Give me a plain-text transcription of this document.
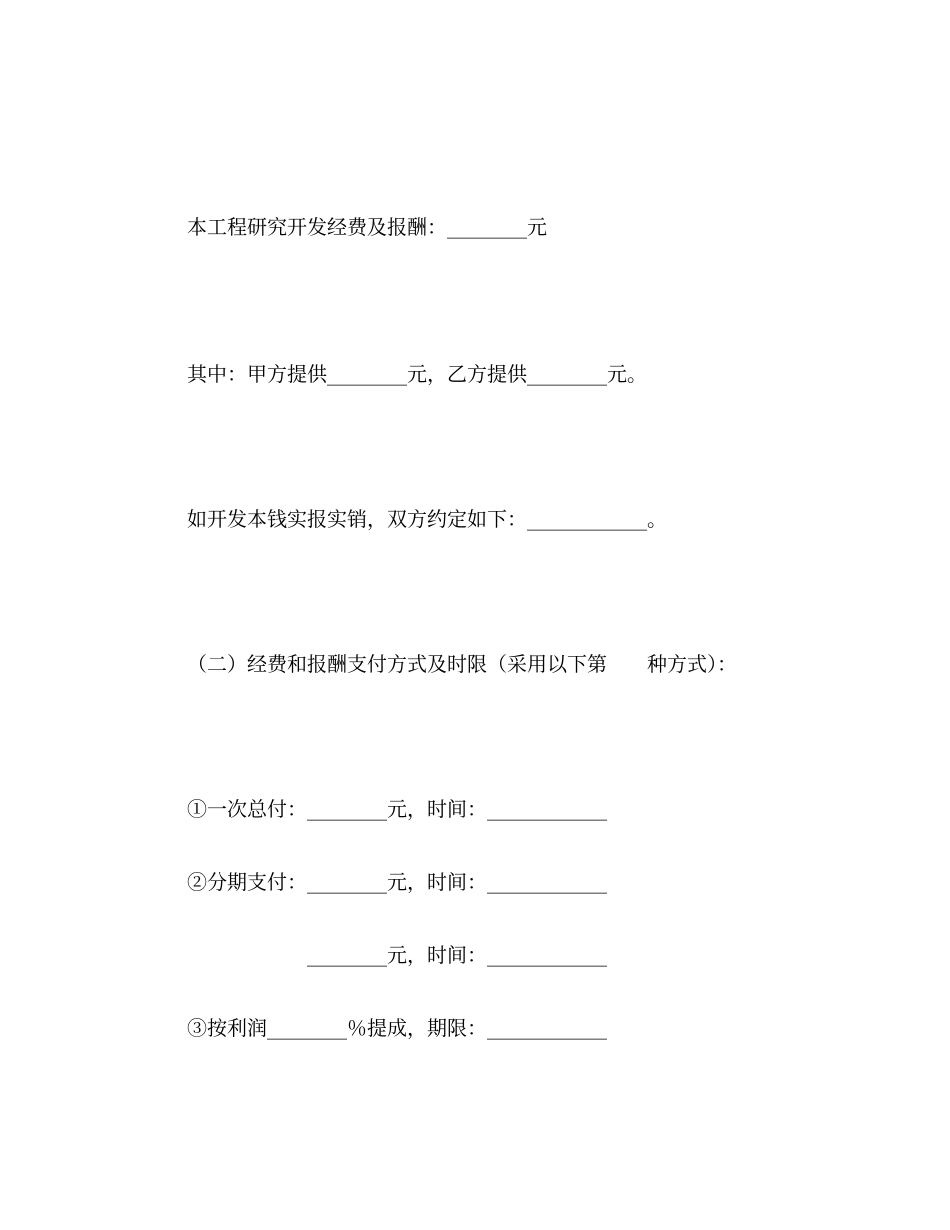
本工程研究开发经费及报酬：________元
其中：甲方提供________元，乙方提供________元。
如开发本钱实报实销，双方约定如下：____________。
（二）经费和报酬支付方式及时限（采用以下第　　种方式）：
①一次总付：________元，时间：____________
②分期支付：________元，时间：____________
　　　　　　________元，时间：____________
③按利润________％提成，期限：____________
